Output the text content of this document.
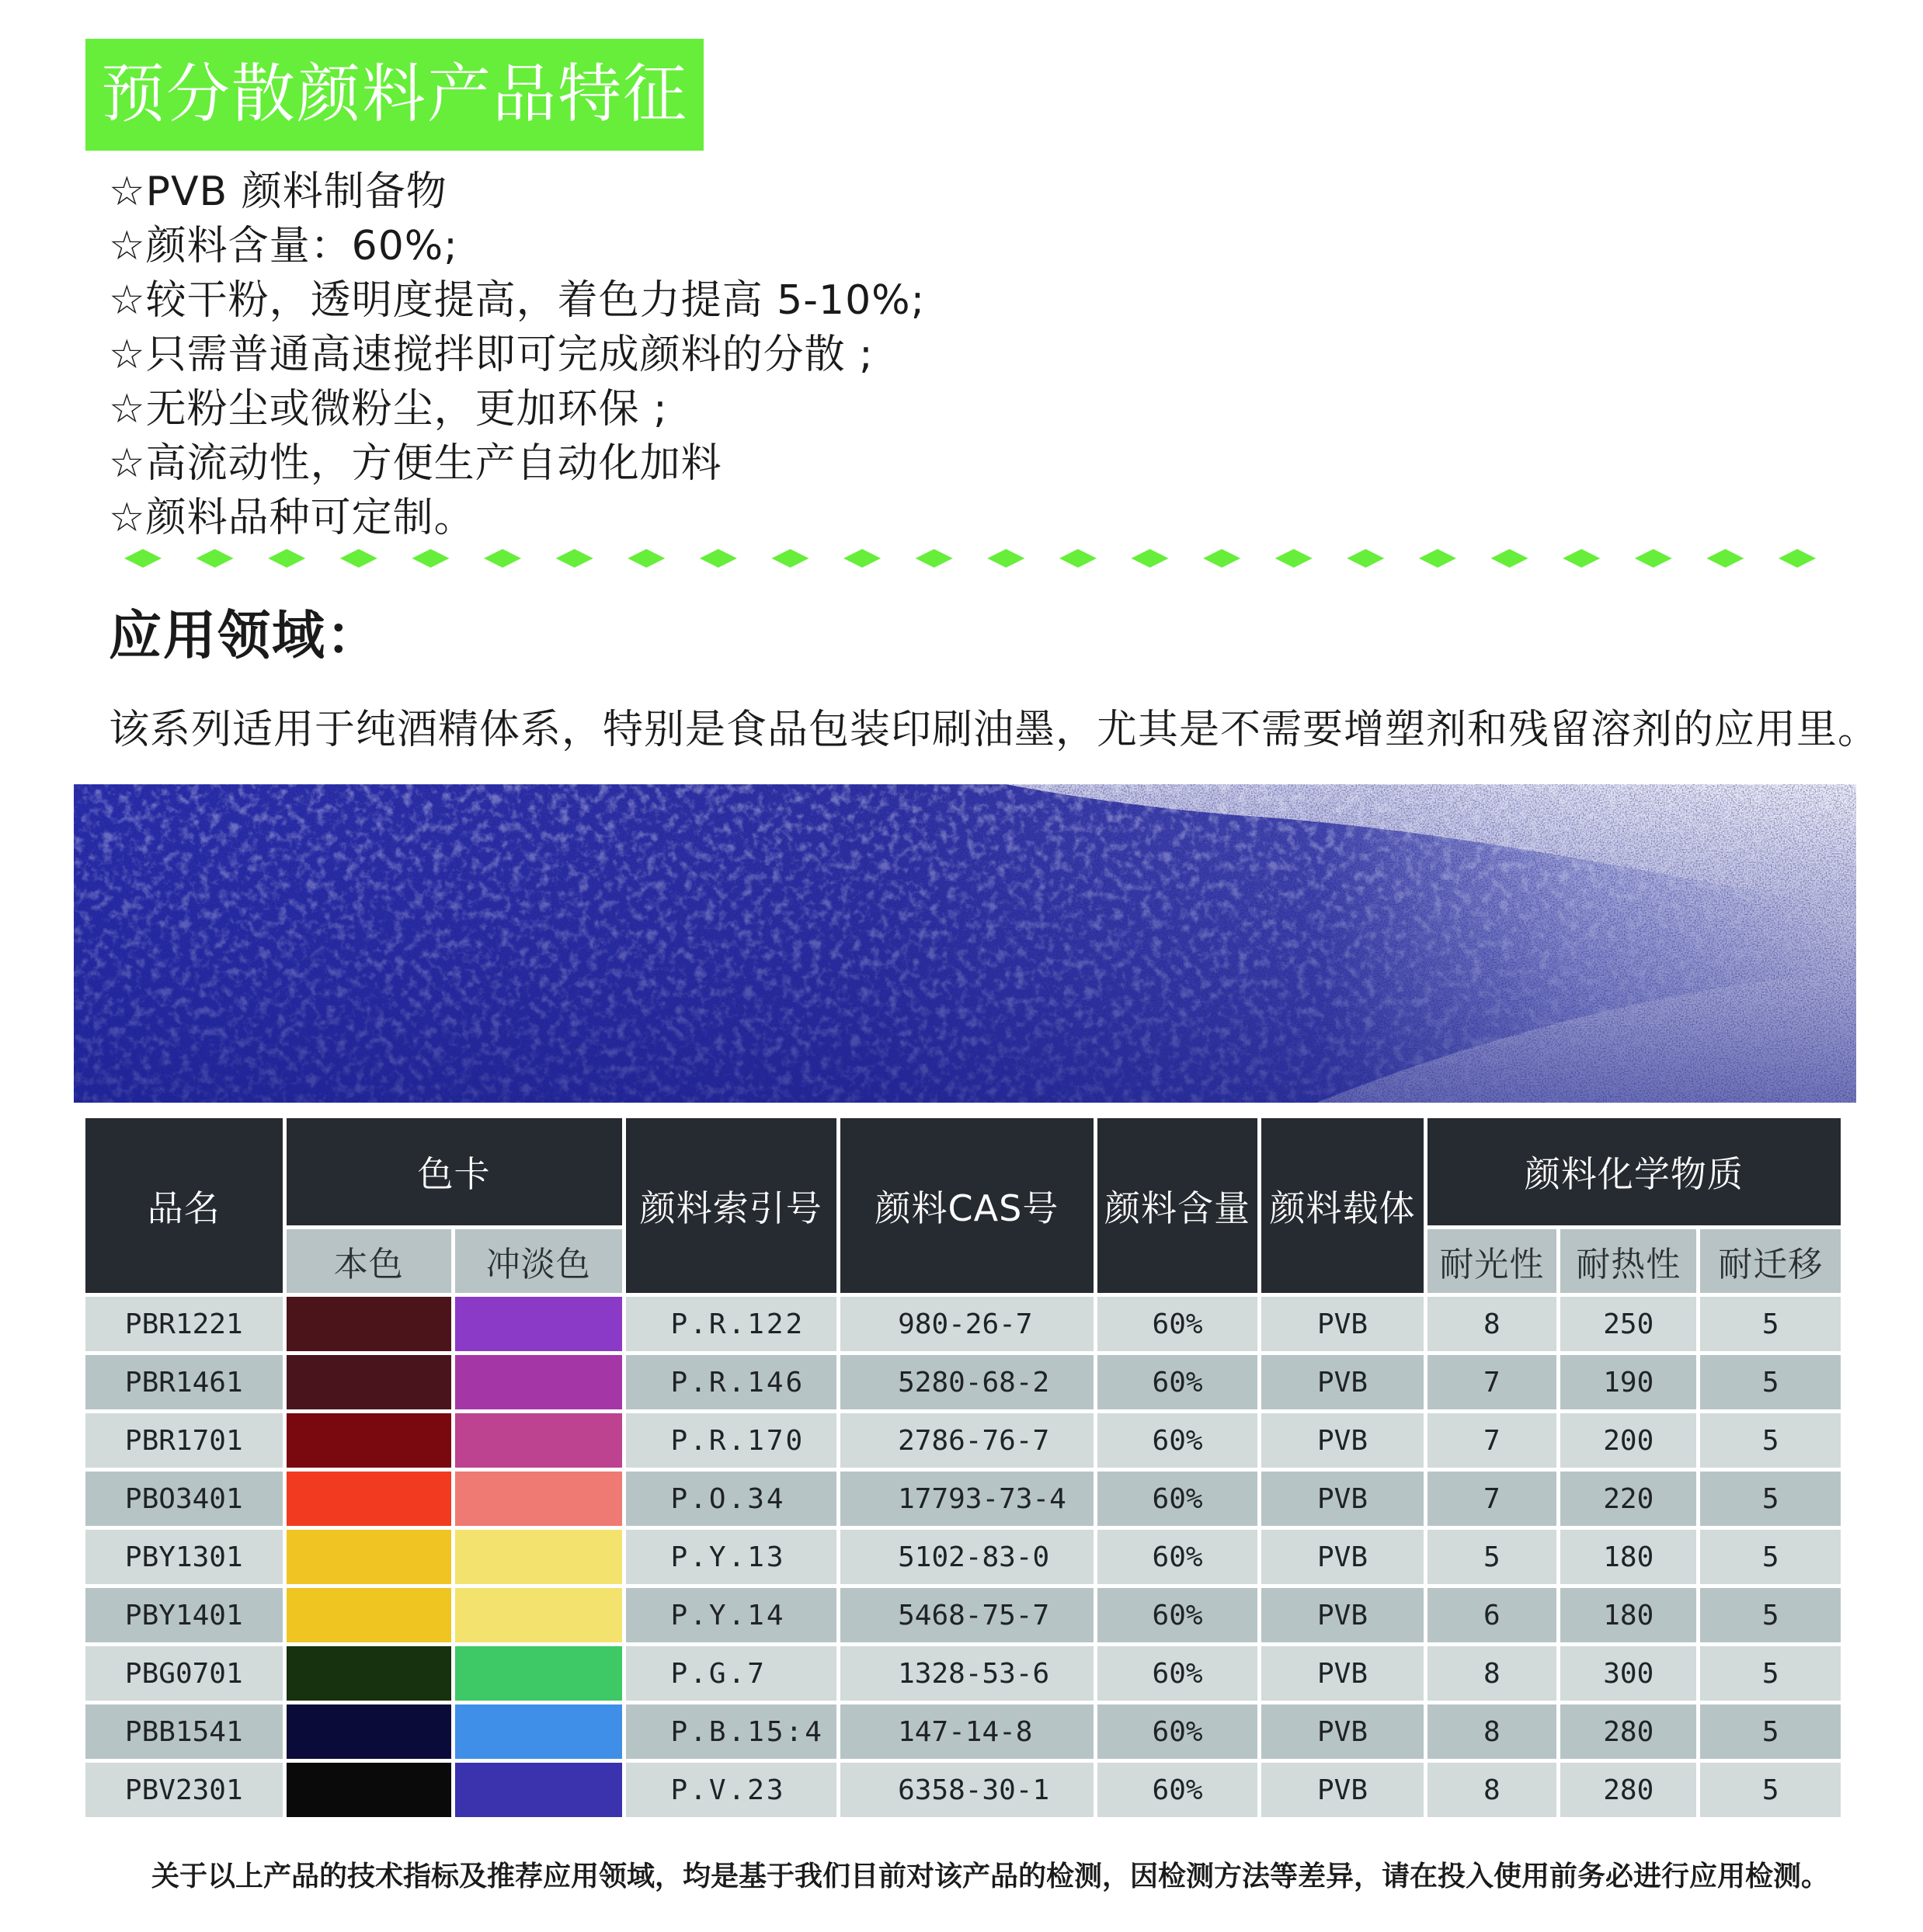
预分散颜料产品特征
☆PVB 颜料制备物
☆颜料含量：60%;
☆较干粉，透明度提高，着色力提高 5-10%;
☆只需普通高速搅拌即可完成颜料的分散 ;
☆无粉尘或微粉尘，更加环保 ;
☆高流动性，方便生产自动化加料
☆颜料品种可定制。
应用领域：
该系列适用于纯酒精体系，特别是食品包装印刷油墨，尤其是不需要增塑剂和残留溶剂的应用里。
品名	色卡		颜料索引号	颜料CAS号	颜料含量	颜料载体	颜料化学物质		
	本色	冲淡色					耐光性	耐热性	耐迁移
PBR1221			P.R.122	980-26-7	60%	PVB	8	250	5
PBR1461			P.R.146	5280-68-2	60%	PVB	7	190	5
PBR1701			P.R.170	2786-76-7	60%	PVB	7	200	5
PBO3401			P.O.34	17793-73-4	60%	PVB	7	220	5
PBY1301			P.Y.13	5102-83-0	60%	PVB	5	180	5
PBY1401			P.Y.14	5468-75-7	60%	PVB	6	180	5
PBG0701			P.G.7	1328-53-6	60%	PVB	8	300	5
PBB1541			P.B.15:4	147-14-8	60%	PVB	8	280	5
PBV2301			P.V.23	6358-30-1	60%	PVB	8	280	5
关于以上产品的技术指标及推荐应用领域，均是基于我们目前对该产品的检测，因检测方法等差异，请在投入使用前务必进行应用检测。
